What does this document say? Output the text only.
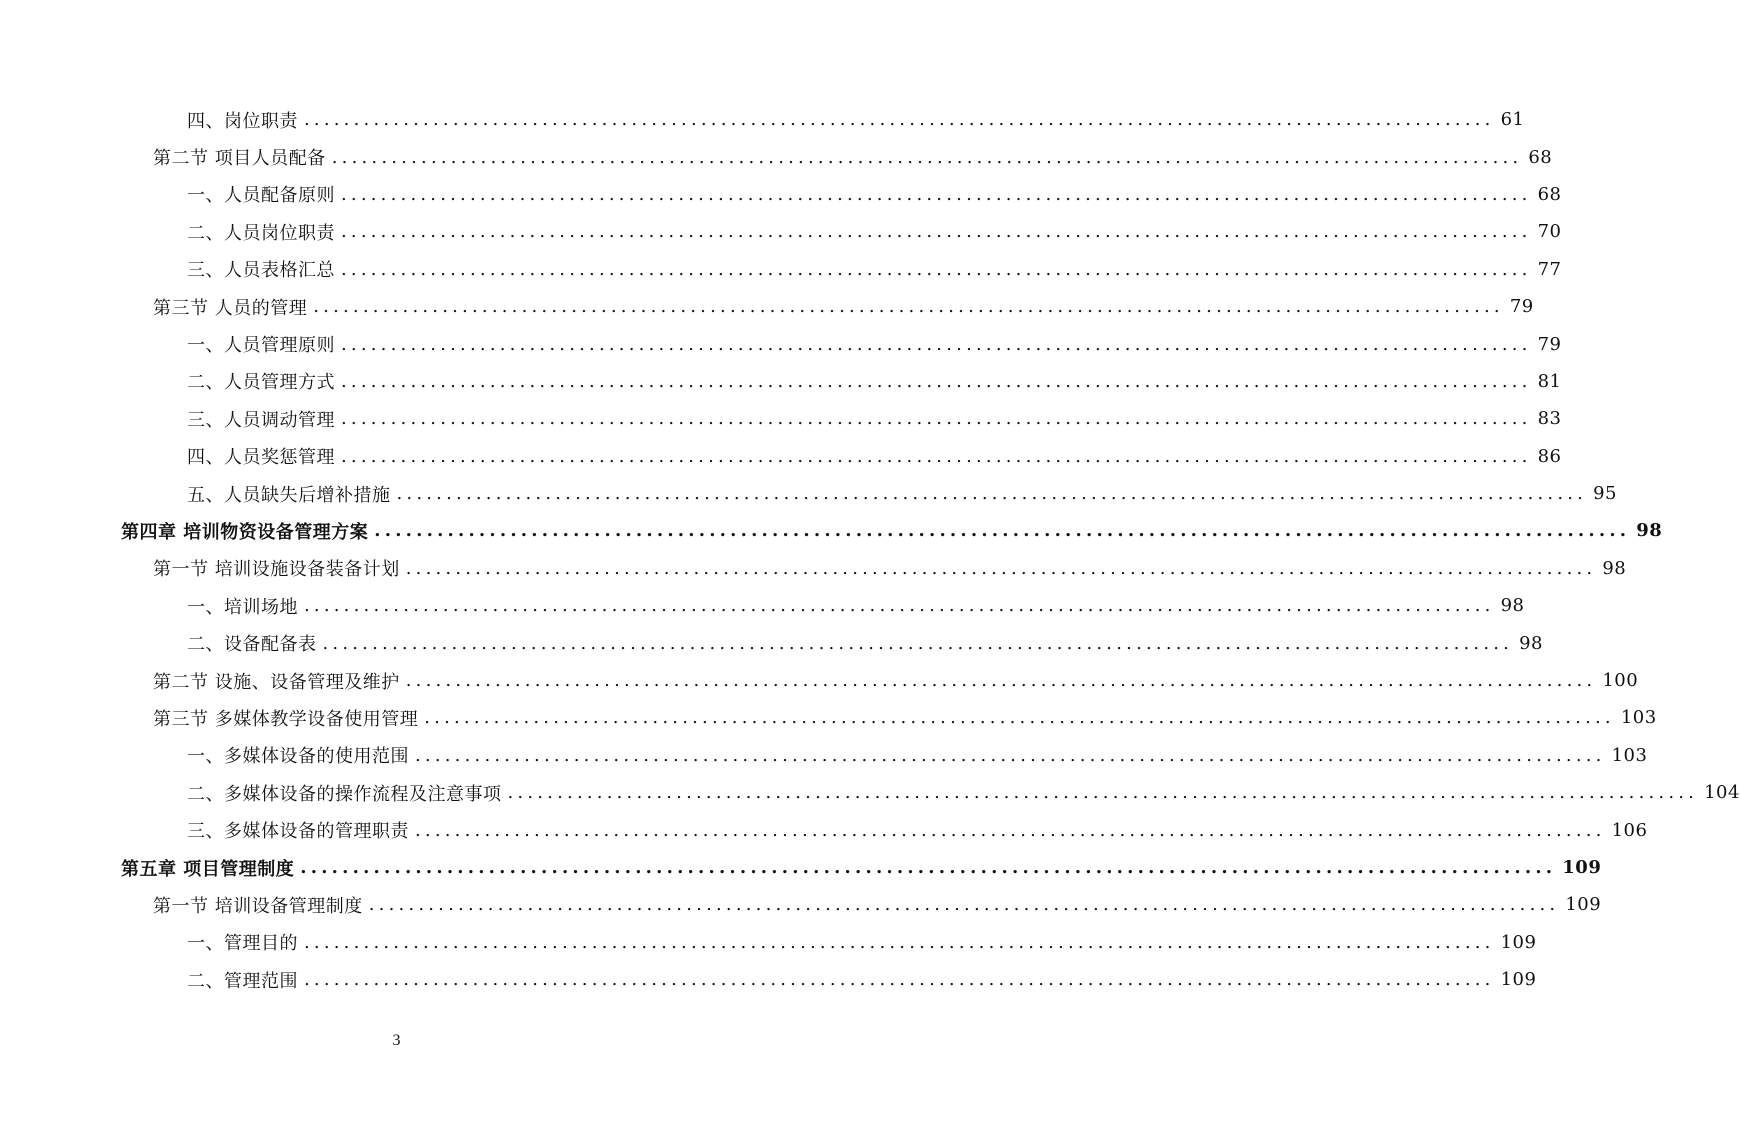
四、岗位职责 ........................................................................................................................ 61
第二节 项目人员配备 ........................................................................................................................ 68
一、人员配备原则 ........................................................................................................................ 68
二、人员岗位职责 ........................................................................................................................ 70
三、人员表格汇总 ........................................................................................................................ 77
第三节 人员的管理 ........................................................................................................................ 79
一、人员管理原则 ........................................................................................................................ 79
二、人员管理方式 ........................................................................................................................ 81
三、人员调动管理 ........................................................................................................................ 83
四、人员奖惩管理 ........................................................................................................................ 86
五、人员缺失后增补措施 ........................................................................................................................ 95
第四章 培训物资设备管理方案 ........................................................................................................................ 98
第一节 培训设施设备装备计划 ........................................................................................................................ 98
一、培训场地 ........................................................................................................................ 98
二、设备配备表 ........................................................................................................................ 98
第二节 设施、设备管理及维护 ........................................................................................................................ 100
第三节 多媒体教学设备使用管理 ........................................................................................................................ 103
一、多媒体设备的使用范围 ........................................................................................................................ 103
二、多媒体设备的操作流程及注意事项 ........................................................................................................................ 104
三、多媒体设备的管理职责 ........................................................................................................................ 106
第五章 项目管理制度 ........................................................................................................................ 109
第一节 培训设备管理制度 ........................................................................................................................ 109
一、管理目的 ........................................................................................................................ 109
二、管理范围 ........................................................................................................................ 109
3
